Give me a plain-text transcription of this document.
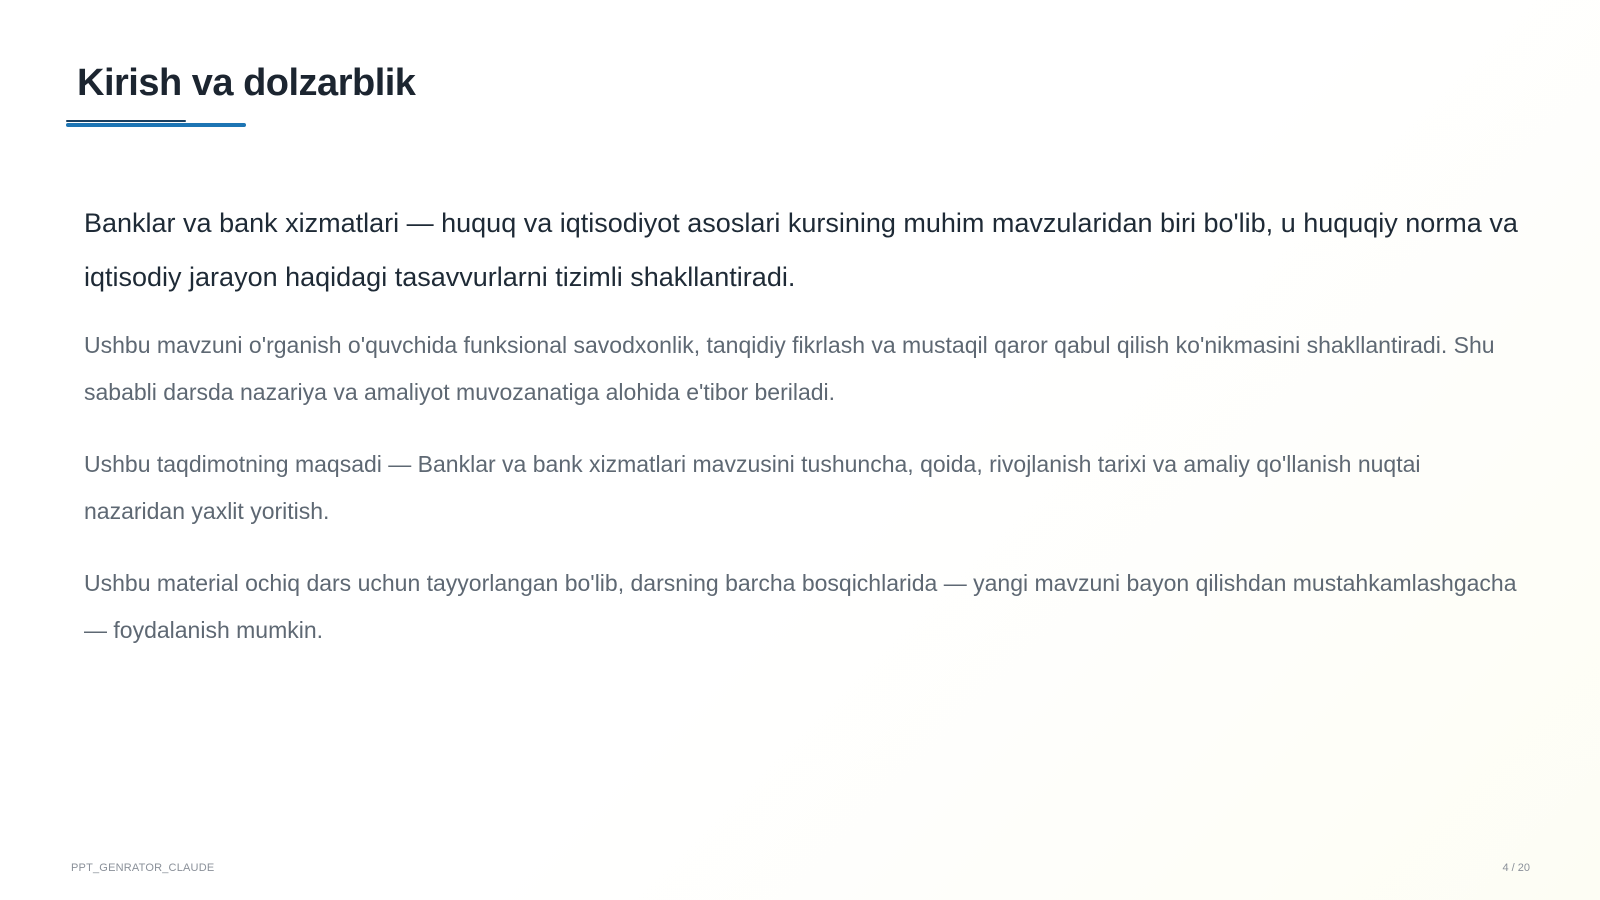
Kirish va dolzarblik

Banklar va bank xizmatlari — huquq va iqtisodiyot asoslari kursining muhim mavzularidan biri bo'lib, u huquqiy norma va iqtisodiy jarayon haqidagi tasavvurlarni tizimli shakllantiradi.

Ushbu mavzuni o'rganish o'quvchida funksional savodxonlik, tanqidiy fikrlash va mustaqil qaror qabul qilish ko'nikmasini shakllantiradi. Shu sababli darsda nazariya va amaliyot muvozanatiga alohida e'tibor beriladi.

Ushbu taqdimotning maqsadi — Banklar va bank xizmatlari mavzusini tushuncha, qoida, rivojlanish tarixi va amaliy qo'llanish nuqtai nazaridan yaxlit yoritish.

Ushbu material ochiq dars uchun tayyorlangan bo'lib, darsning barcha bosqichlarida — yangi mavzuni bayon qilishdan mustahkamlashgacha — foydalanish mumkin.

PPT_GENRATOR_CLAUDE	4 / 20
